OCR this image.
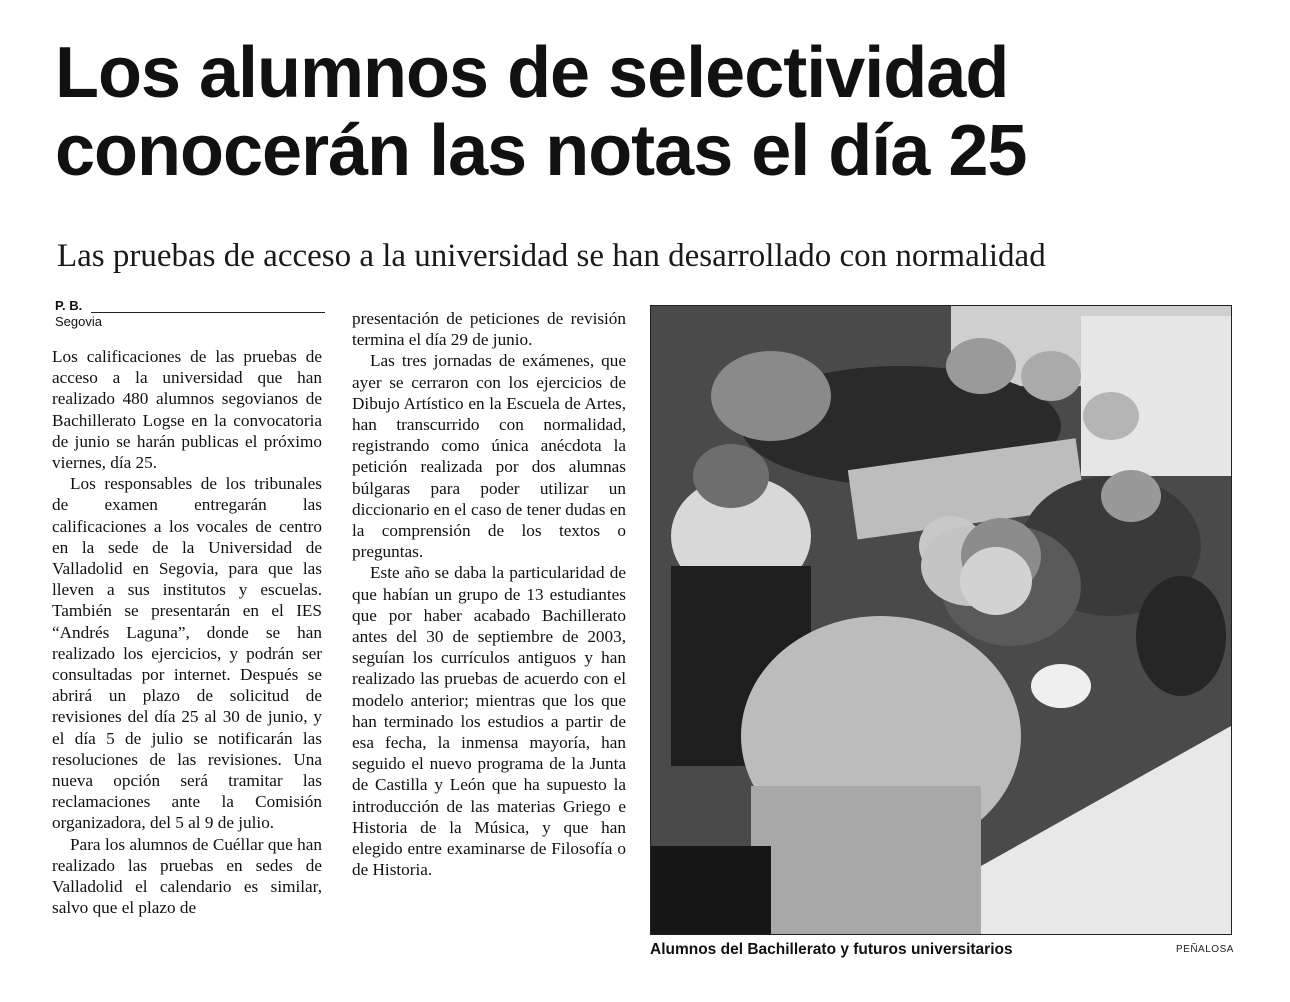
Los alumnos de selectividad
conocerán las notas el día 25
Las pruebas de acceso a la universidad se han desarrollado con normalidad
P. B.
Segovia

Los calificaciones de las pruebas de acceso a la universidad que han realizado 480 alumnos segovianos de Bachillerato Logse en la convocatoria de junio se harán publicas el próximo viernes, día 25.

Los responsables de los tribunales de examen entregarán las calificaciones a los vocales de centro en la sede de la Universidad de Valladolid en Segovia, para que las lleven a sus institutos y escuelas. También se presentarán en el IES “Andrés Laguna”, donde se han realizado los ejercicios, y podrán ser consultadas por internet. Después se abrirá un plazo de solicitud de revisiones del día 25 al 30 de junio, y el día 5 de julio se notificarán las resoluciones de las revisiones. Una nueva opción será tramitar las reclamaciones ante la Comisión organizadora, del 5 al 9 de julio.

Para los alumnos de Cuéllar que han realizado las pruebas en sedes de Valladolid el calendario es similar, salvo que el plazo de

presentación de peticiones de revisión termina el día 29 de junio.

Las tres jornadas de exámenes, que ayer se cerraron con los ejercicios de Dibujo Artístico en la Escuela de Artes, han transcurrido con normalidad, registrando como única anécdota la petición realizada por dos alumnas búlgaras para poder utilizar un diccionario en el caso de tener dudas en la comprensión de los textos o preguntas.

Este año se daba la particularidad de que habían un grupo de 13 estudiantes que por haber acabado Bachillerato antes del 30 de septiembre de 2003, seguían los currículos antiguos y han realizado las pruebas de acuerdo con el modelo anterior; mientras que los que han terminado los estudios a partir de esa fecha, la inmensa mayoría, han seguido el nuevo programa de la Junta de Castilla y León que ha supuesto la introducción de las materias Griego e Historia de la Música, y que han elegido entre examinarse de Filosofía o de Historia.

Alumnos del Bachillerato y futuros universitarios	PEÑALOSA
